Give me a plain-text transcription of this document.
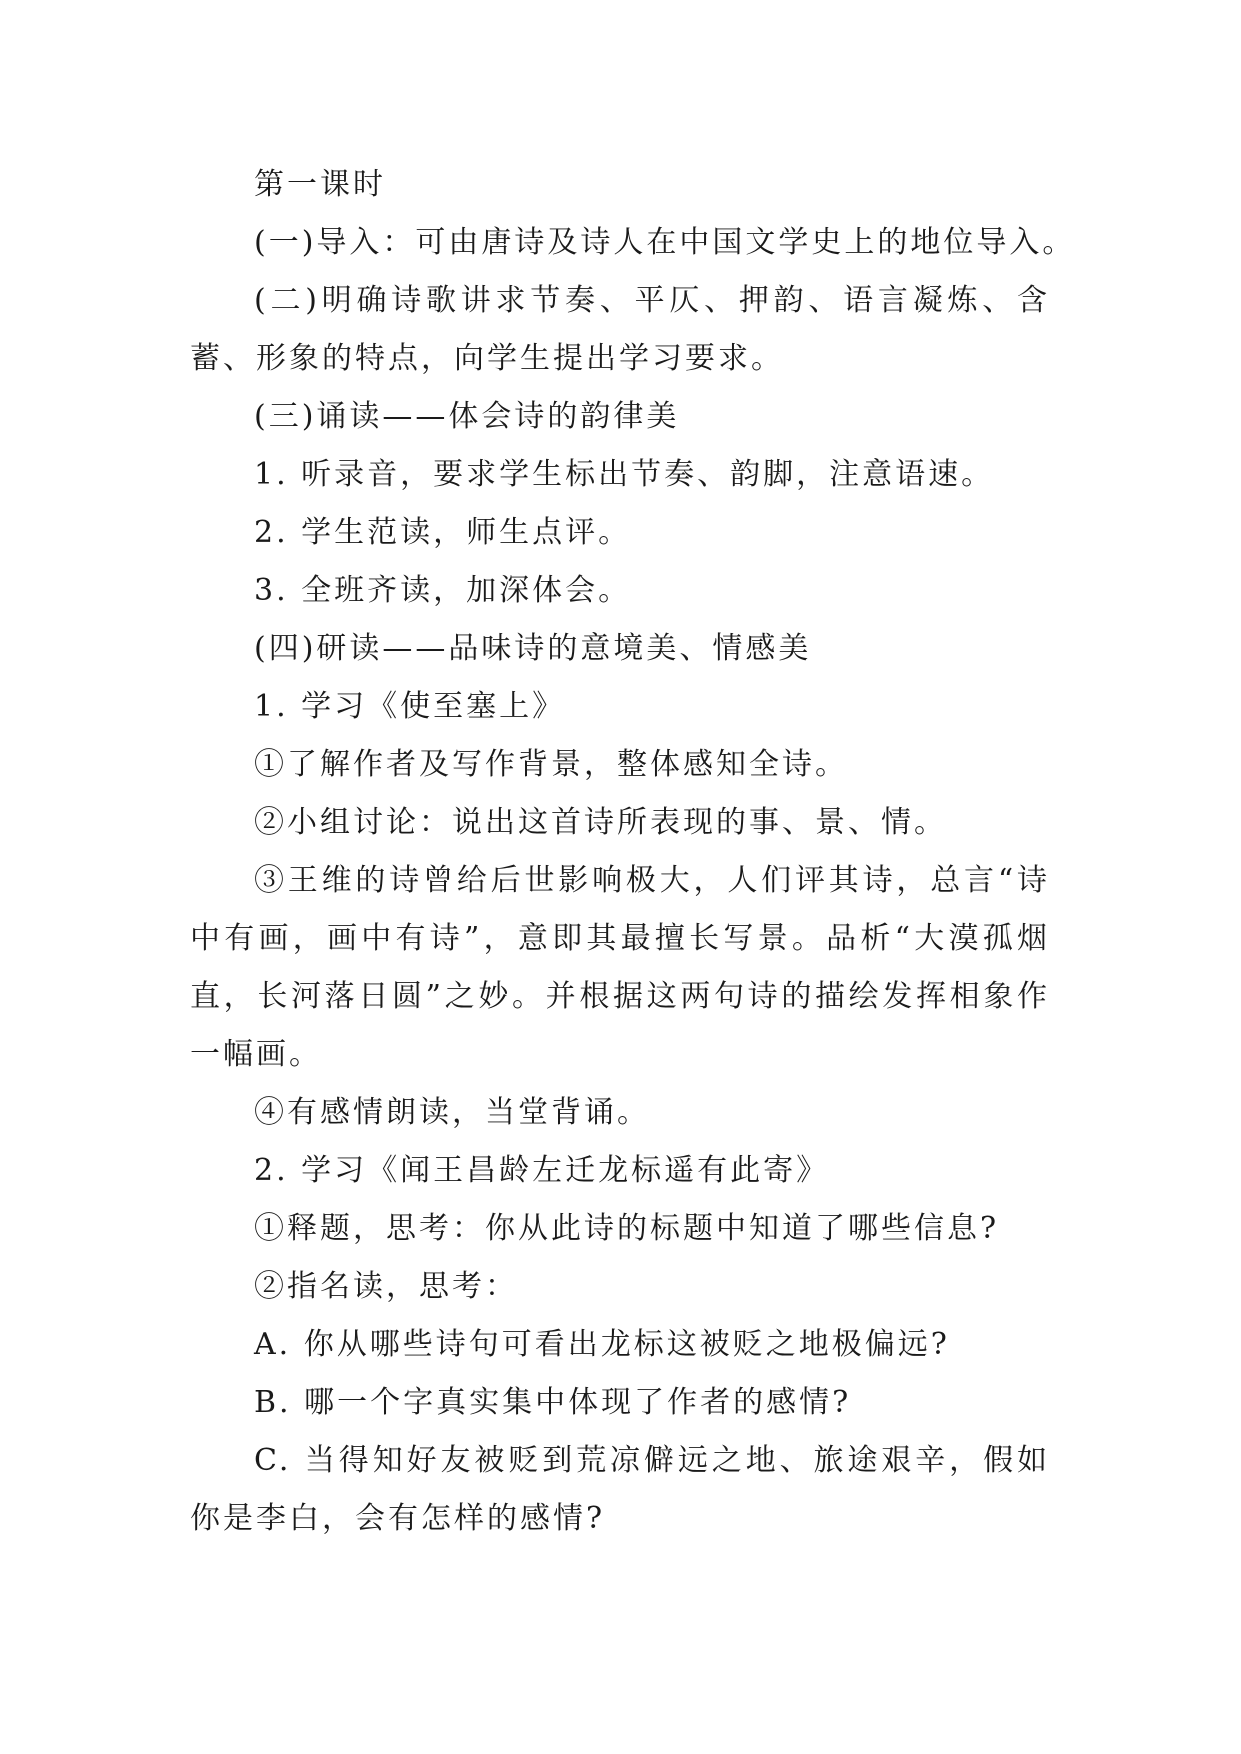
第一课时

(一)导入：可由唐诗及诗人在中国文学史上的地位导入。

(二)明确诗歌讲求节奏、平仄、押韵、语言凝炼、含蓄、形象的特点，向学生提出学习要求。

(三)诵读——体会诗的韵律美

1. 听录音，要求学生标出节奏、韵脚，注意语速。

2. 学生范读，师生点评。

3. 全班齐读，加深体会。

(四)研读——品味诗的意境美、情感美

1. 学习《使至塞上》

①了解作者及写作背景，整体感知全诗。

②小组讨论：说出这首诗所表现的事、景、情。

③王维的诗曾给后世影响极大，人们评其诗，总言“诗中有画，画中有诗”，意即其最擅长写景。品析“大漠孤烟直，长河落日圆”之妙。并根据这两句诗的描绘发挥相象作一幅画。

④有感情朗读，当堂背诵。

2. 学习《闻王昌龄左迁龙标遥有此寄》

①释题，思考：你从此诗的标题中知道了哪些信息?

②指名读，思考：

A. 你从哪些诗句可看出龙标这被贬之地极偏远?

B. 哪一个字真实集中体现了作者的感情?

C. 当得知好友被贬到荒凉僻远之地、旅途艰辛，假如你是李白，会有怎样的感情?
